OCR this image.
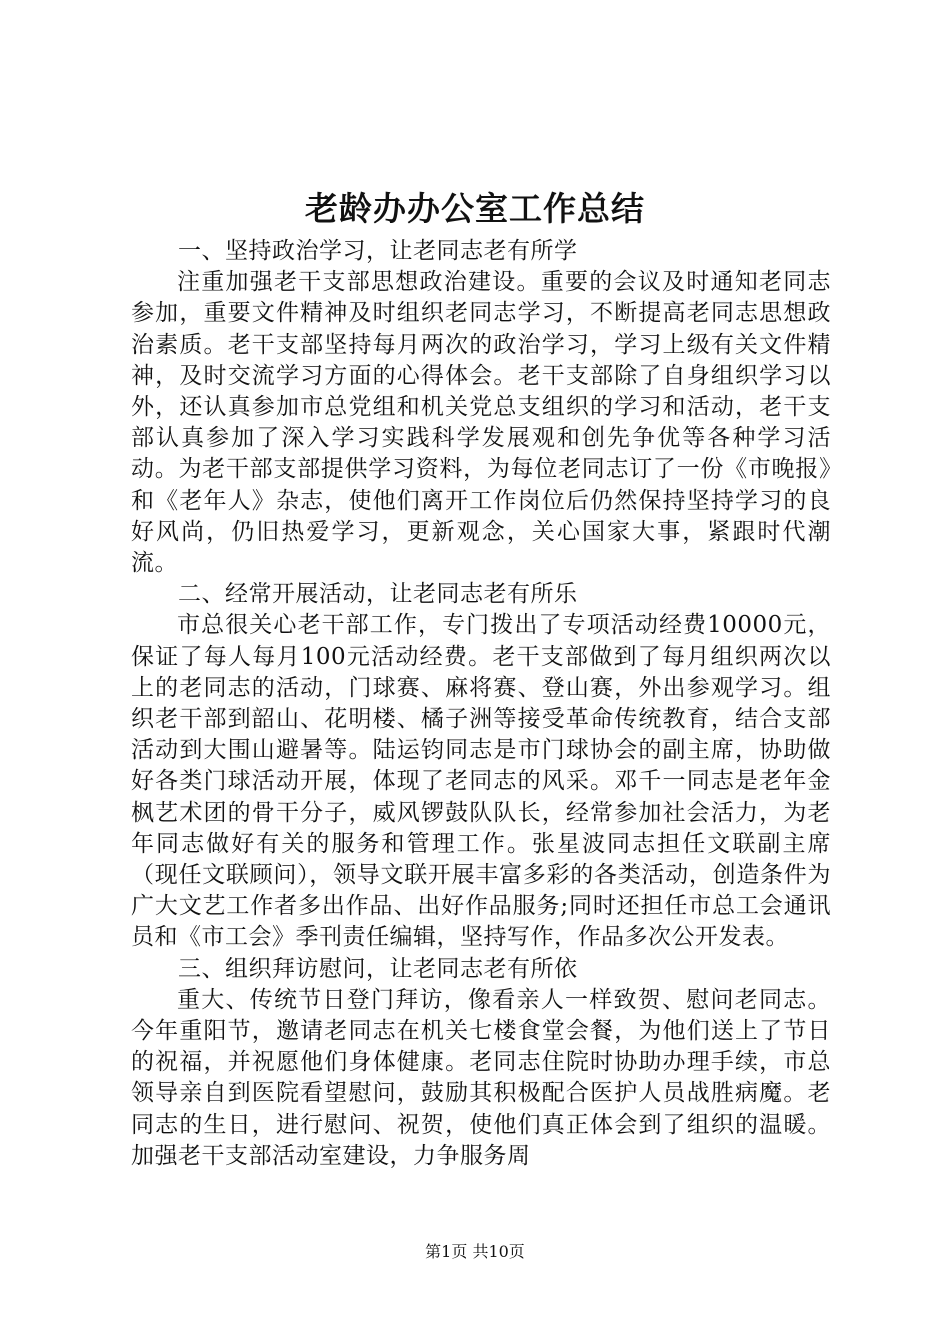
老龄办办公室工作总结

一、坚持政治学习，让老同志老有所学

注重加强老干支部思想政治建设。重要的会议及时通知老同志参加，重要文件精神及时组织老同志学习，不断提高老同志思想政治素质。老干支部坚持每月两次的政治学习，学习上级有关文件精神，及时交流学习方面的心得体会。老干支部除了自身组织学习以外，还认真参加市总党组和机关党总支组织的学习和活动，老干支部认真参加了深入学习实践科学发展观和创先争优等各种学习活动。为老干部支部提供学习资料，为每位老同志订了一份《市晚报》和《老年人》杂志，使他们离开工作岗位后仍然保持坚持学习的良好风尚，仍旧热爱学习，更新观念，关心国家大事，紧跟时代潮流。

二、经常开展活动，让老同志老有所乐

市总很关心老干部工作，专门拨出了专项活动经费10000元，保证了每人每月100元活动经费。老干支部做到了每月组织两次以上的老同志的活动，门球赛、麻将赛、登山赛，外出参观学习。组织老干部到韶山、花明楼、橘子洲等接受革命传统教育，结合支部活动到大围山避暑等。陆运钧同志是市门球协会的副主席，协助做好各类门球活动开展，体现了老同志的风采。邓千一同志是老年金枫艺术团的骨干分子，威风锣鼓队队长，经常参加社会活力，为老年同志做好有关的服务和管理工作。张星波同志担任文联副主席（现任文联顾问），领导文联开展丰富多彩的各类活动，创造条件为广大文艺工作者多出作品、出好作品服务;同时还担任市总工会通讯员和《市工会》季刊责任编辑，坚持写作，作品多次公开发表。

三、组织拜访慰问，让老同志老有所依

重大、传统节日登门拜访，像看亲人一样致贺、慰问老同志。今年重阳节，邀请老同志在机关七楼食堂会餐，为他们送上了节日的祝福，并祝愿他们身体健康。老同志住院时协助办理手续，市总领导亲自到医院看望慰问，鼓励其积极配合医护人员战胜病魔。老同志的生日，进行慰问、祝贺，使他们真正体会到了组织的温暖。加强老干支部活动室建设，力争服务周

第1页 共10页
